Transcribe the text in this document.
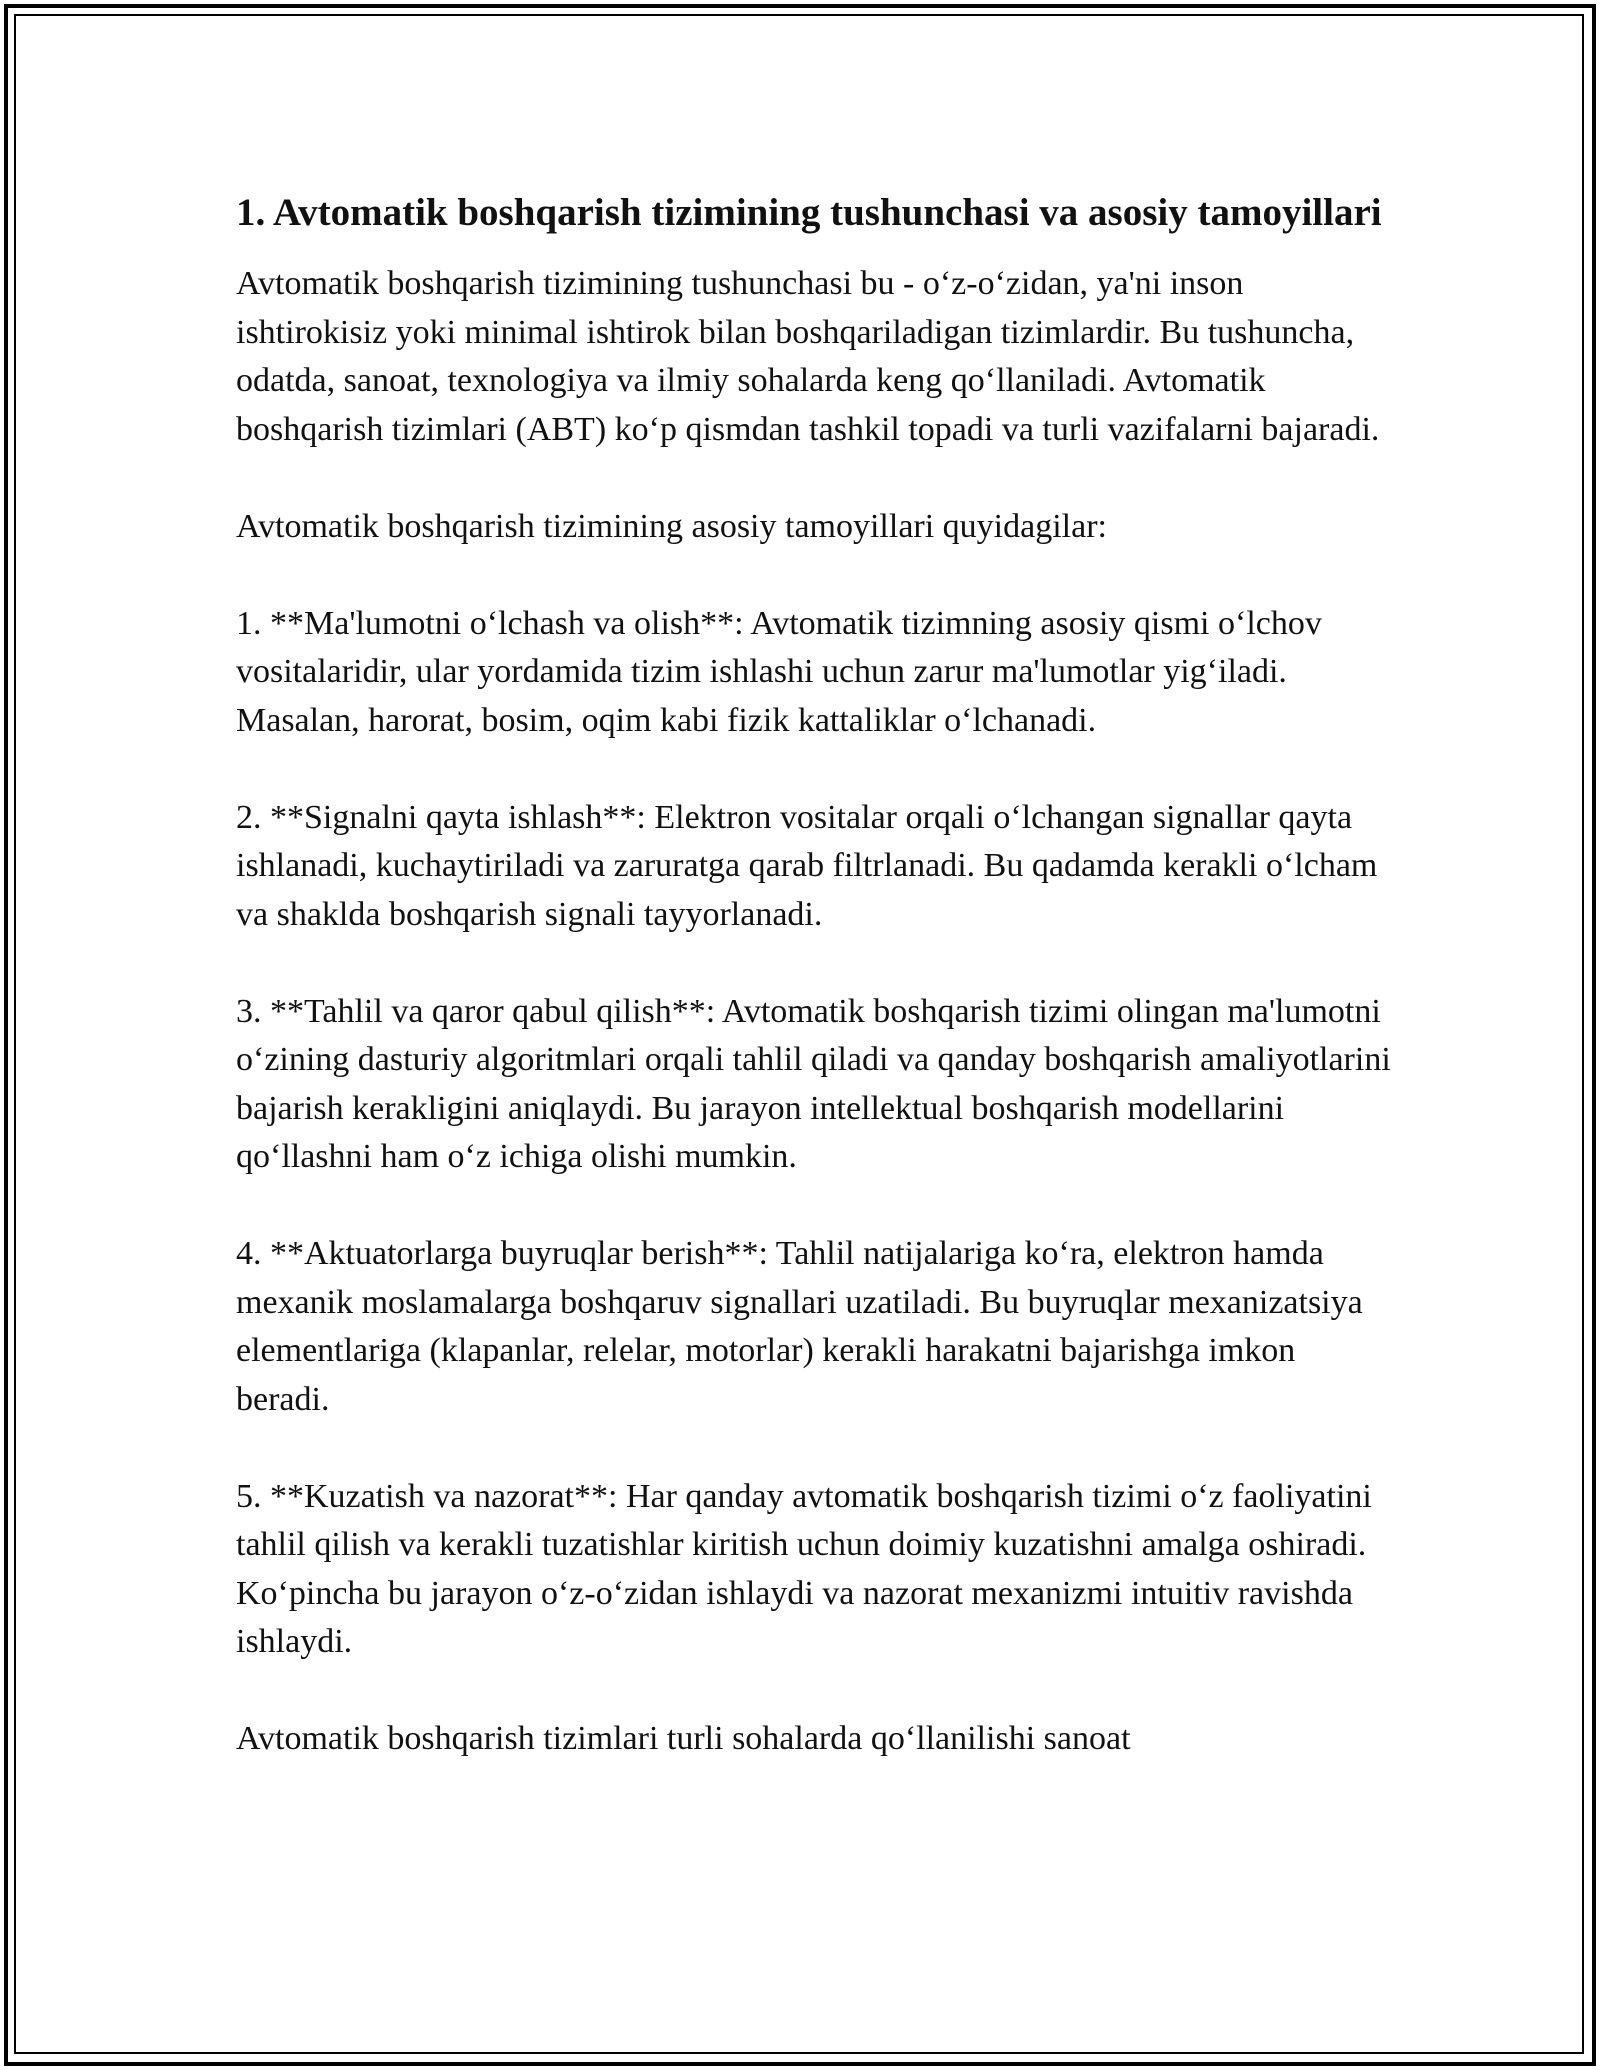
1. Avtomatik boshqarish tizimining tushunchasi va asosiy tamoyillari

Avtomatik boshqarish tizimining tushunchasi bu - o‘z-o‘zidan, ya'ni inson ishtirokisiz yoki minimal ishtirok bilan boshqariladigan tizimlardir. Bu tushuncha, odatda, sanoat, texnologiya va ilmiy sohalarda keng qo‘llaniladi. Avtomatik boshqarish tizimlari (ABT) ko‘p qismdan tashkil topadi va turli vazifalarni bajaradi.

Avtomatik boshqarish tizimining asosiy tamoyillari quyidagilar:

1. **Ma'lumotni o‘lchash va olish**: Avtomatik tizimning asosiy qismi o‘lchov vositalaridir, ular yordamida tizim ishlashi uchun zarur ma'lumotlar yig‘iladi. Masalan, harorat, bosim, oqim kabi fizik kattaliklar o‘lchanadi.

2. **Signalni qayta ishlash**: Elektron vositalar orqali o‘lchangan signallar qayta ishlanadi, kuchaytiriladi va zaruratga qarab filtrlanadi. Bu qadamda kerakli o‘lcham va shaklda boshqarish signali tayyorlanadi.

3. **Tahlil va qaror qabul qilish**: Avtomatik boshqarish tizimi olingan ma'lumotni o‘zining dasturiy algoritmlari orqali tahlil qiladi va qanday boshqarish amaliyotlarini bajarish kerakligini aniqlaydi. Bu jarayon intellektual boshqarish modellarini qo‘llashni ham o‘z ichiga olishi mumkin.

4. **Aktuatorlarga buyruqlar berish**: Tahlil natijalariga ko‘ra, elektron hamda mexanik moslamalarga boshqaruv signallari uzatiladi. Bu buyruqlar mexanizatsiya elementlariga (klapanlar, relelar, motorlar) kerakli harakatni bajarishga imkon beradi.

5. **Kuzatish va nazorat**: Har qanday avtomatik boshqarish tizimi o‘z faoliyatini tahlil qilish va kerakli tuzatishlar kiritish uchun doimiy kuzatishni amalga oshiradi. Ko‘pincha bu jarayon o‘z-o‘zidan ishlaydi va nazorat mexanizmi intuitiv ravishda ishlaydi.

Avtomatik boshqarish tizimlari turli sohalarda qo‘llanilishi sanoat
